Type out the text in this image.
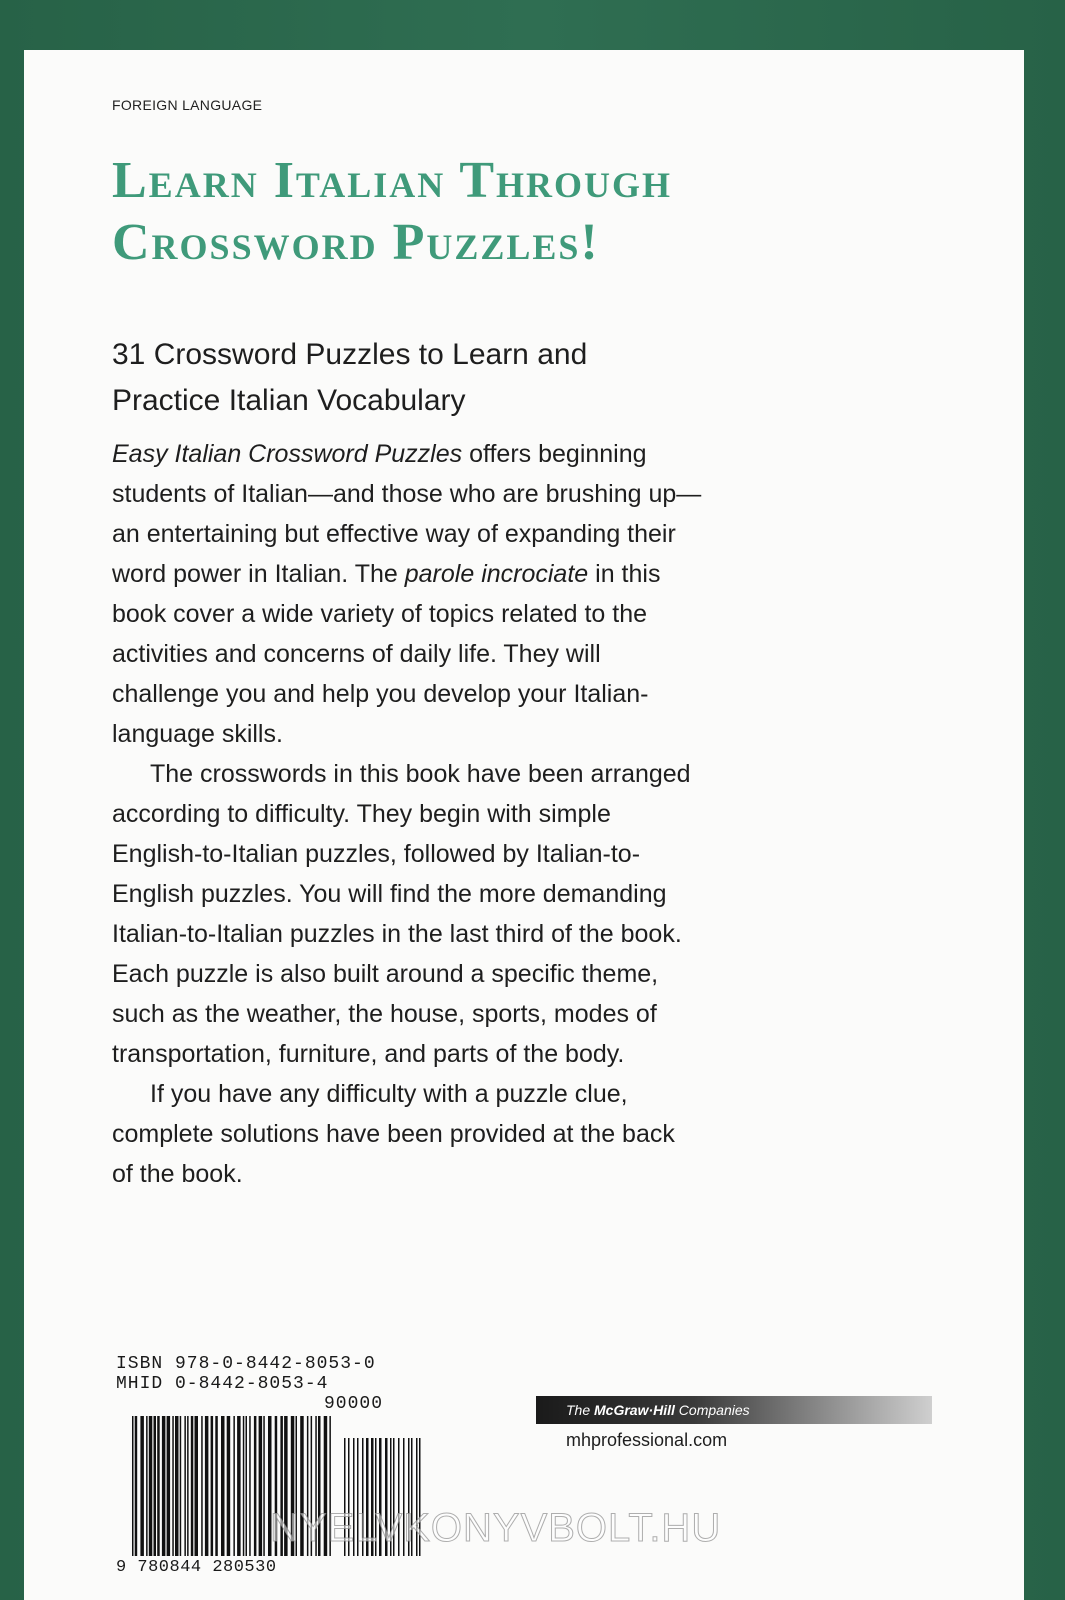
FOREIGN LANGUAGE
Learn Italian Through
Crossword Puzzles!
31 Crossword Puzzles to Learn and
Practice Italian Vocabulary

Easy Italian Crossword Puzzles offers beginning
students of Italian—and those who are brushing up—
an entertaining but effective way of expanding their
word power in Italian. The parole incrociate in this
book cover a wide variety of topics related to the
activities and concerns of daily life. They will
challenge you and help you develop your Italian-
language skills.

The crosswords in this book have been arranged
according to difficulty. They begin with simple
English-to-Italian puzzles, followed by Italian-to-
English puzzles. You will find the more demanding
Italian-to-Italian puzzles in the last third of the book.
Each puzzle is also built around a specific theme,
such as the weather, the house, sports, modes of
transportation, furniture, and parts of the body.

If you have any difficulty with a puzzle clue,
complete solutions have been provided at the back
of the book.

ISBN 978-0-8442-8053-0
MHID 0-8442-8053-4
90000
9 780844 280530
The McGraw·Hill Companies
mhprofessional.com
NYELVKONYVBOLT.HU
